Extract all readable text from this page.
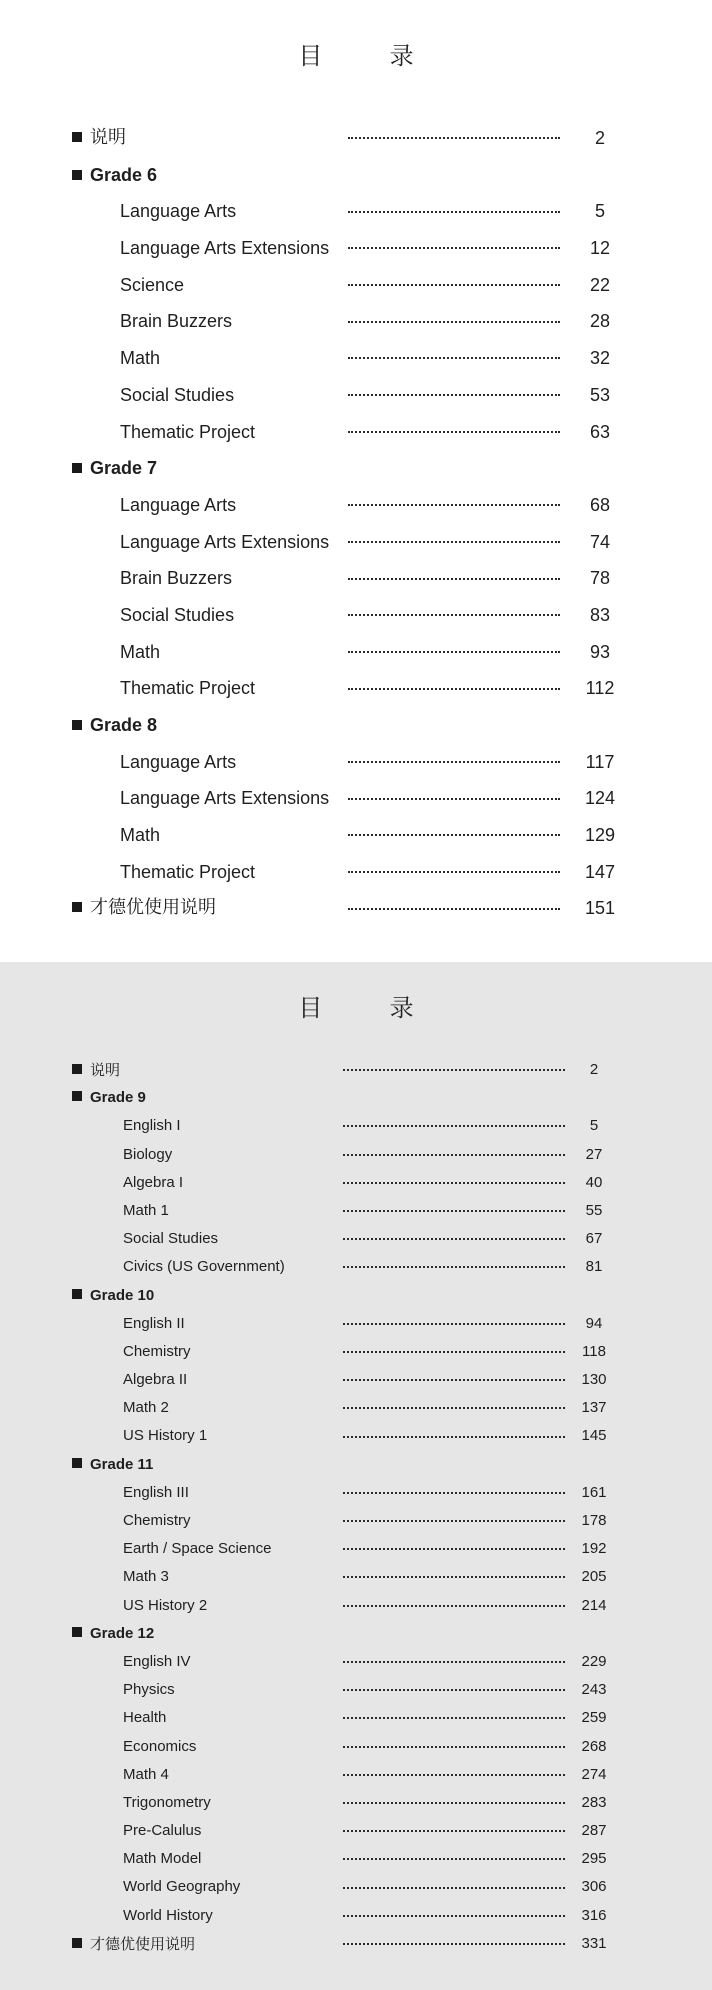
目　录
说明	2
Grade 6
Language Arts	5
Language Arts Extensions	12
Science	22
Brain Buzzers	28
Math	32
Social Studies	53
Thematic Project	63
Grade 7
Language Arts	68
Language Arts Extensions	74
Brain Buzzers	78
Social Studies	83
Math	93
Thematic Project	112
Grade 8
Language Arts	117
Language Arts Extensions	124
Math	129
Thematic Project	147
才德优使用说明	151
目　录
说明	2
Grade 9
English I	5
Biology	27
Algebra I	40
Math 1	55
Social Studies	67
Civics (US Government)	81
Grade 10
English II	94
Chemistry	118
Algebra II	130
Math 2	137
US History 1	145
Grade 11
English III	161
Chemistry	178
Earth / Space Science	192
Math 3	205
US History 2	214
Grade 12
English IV	229
Physics	243
Health	259
Economics	268
Math 4	274
Trigonometry	283
Pre-Calulus	287
Math Model	295
World Geography	306
World History	316
才德优使用说明	331
